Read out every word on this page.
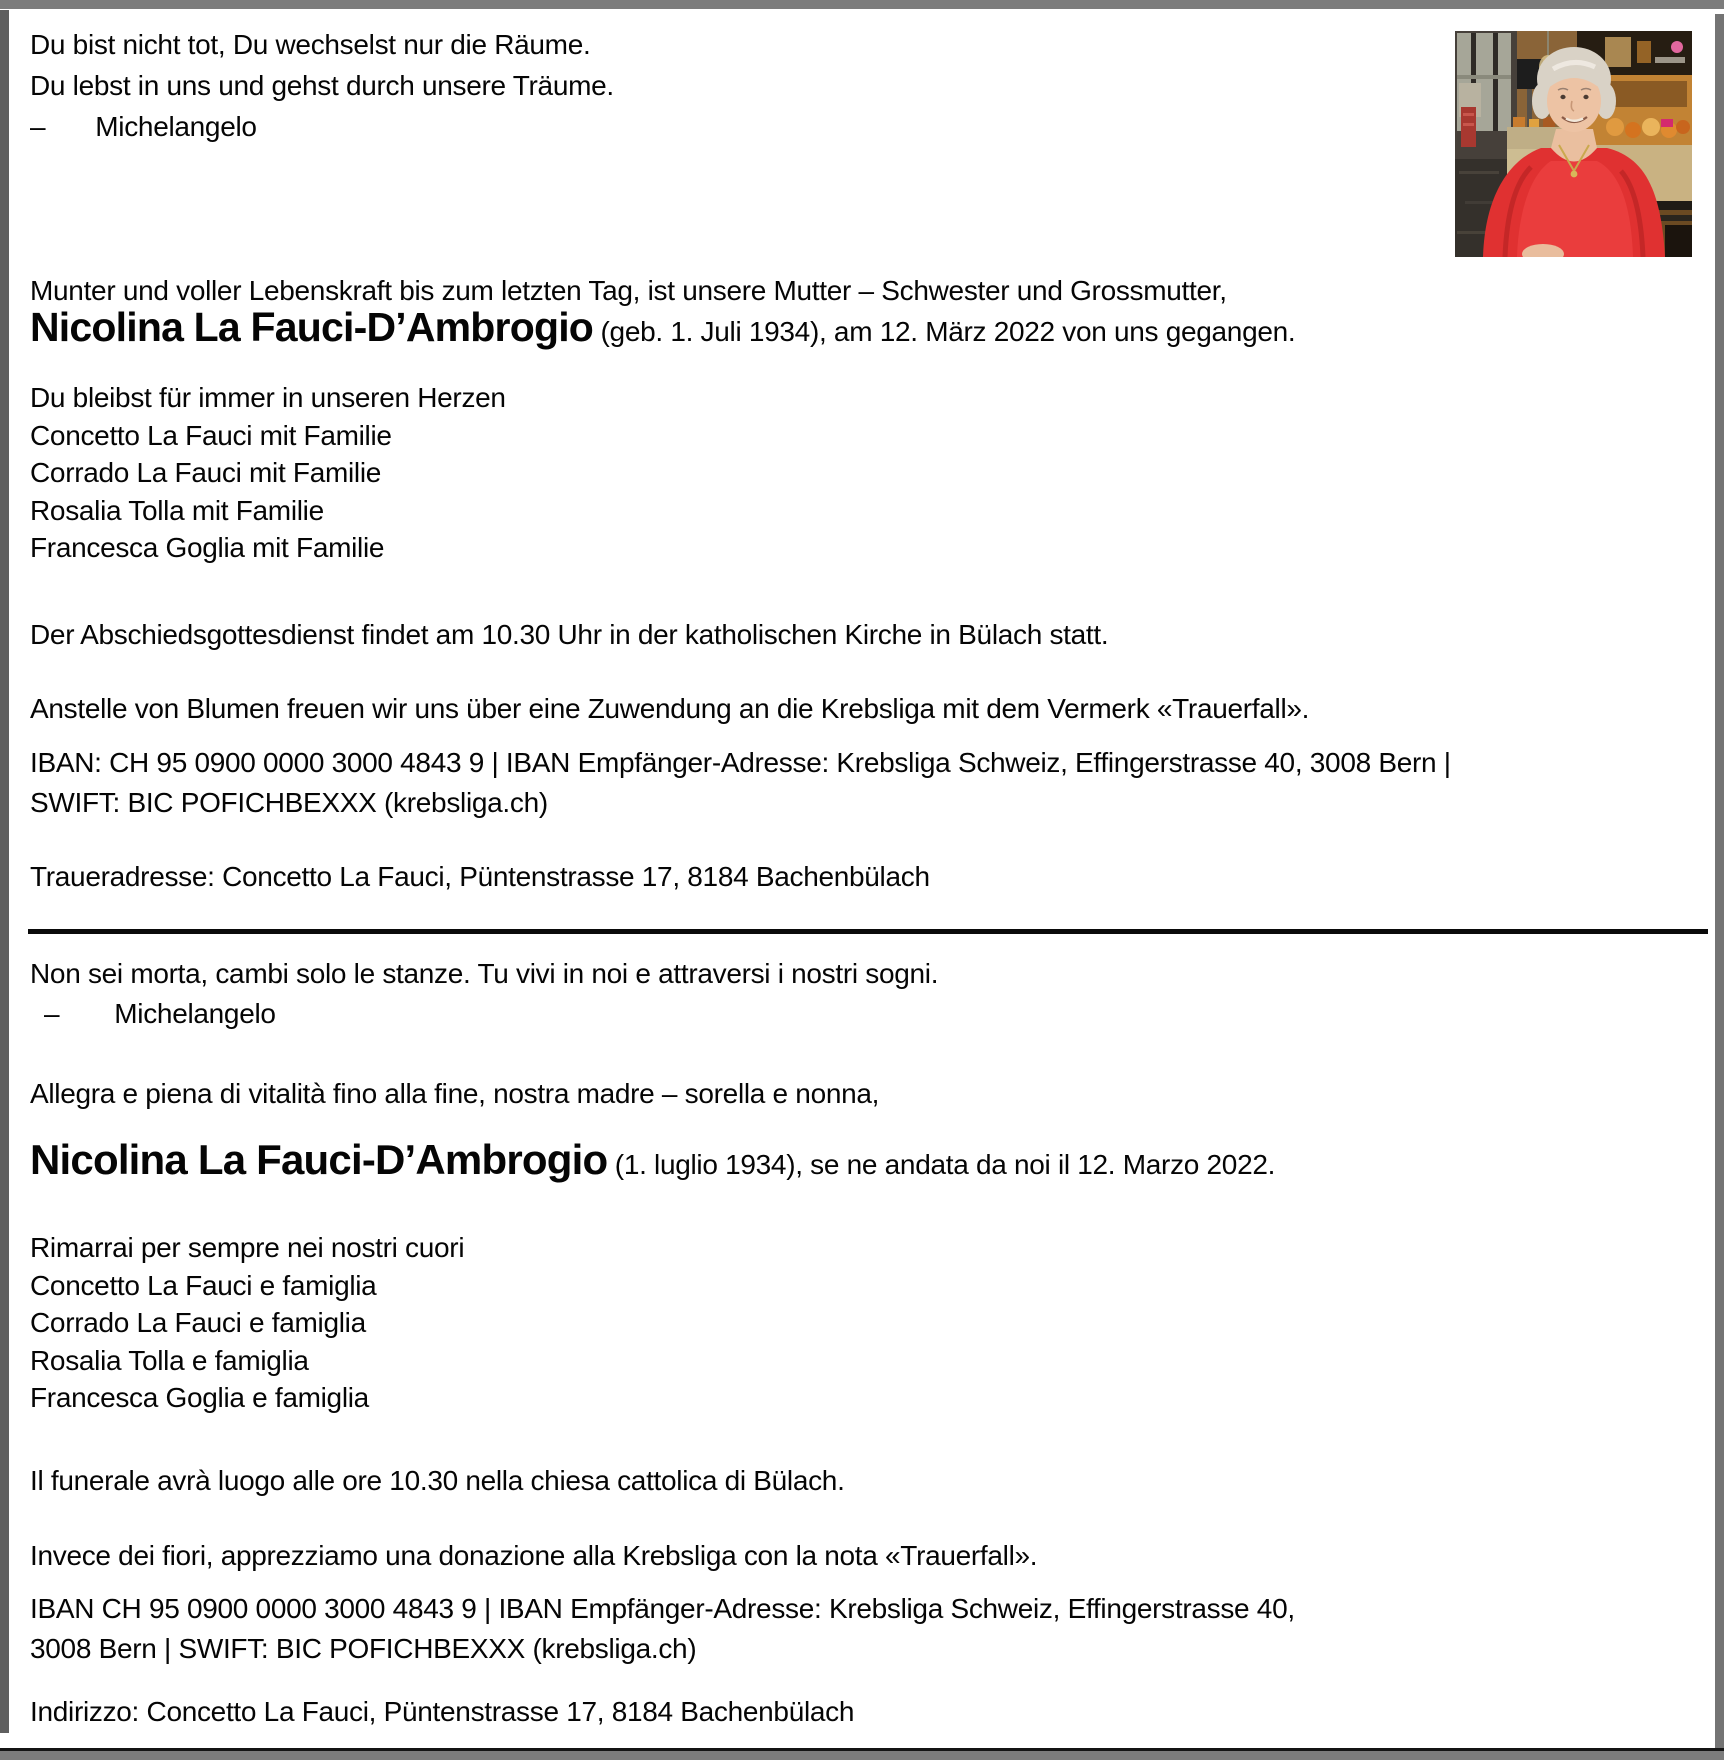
Du bist nicht tot, Du wechselst nur die Räume.
Du lebst in uns und gehst durch unsere Träume.
– Michelangelo
Munter und voller Lebenskraft bis zum letzten Tag, ist unsere Mutter – Schwester und Grossmutter,
Nicolina La Fauci-D’Ambrogio (geb. 1. Juli 1934), am 12. März 2022 von uns gegangen.
Du bleibst für immer in unseren Herzen
Concetto La Fauci mit Familie
Corrado La Fauci mit Familie
Rosalia Tolla mit Familie
Francesca Goglia mit Familie
Der Abschiedsgottesdienst findet am 10.30 Uhr in der katholischen Kirche in Bülach statt.
Anstelle von Blumen freuen wir uns über eine Zuwendung an die Krebsliga mit dem Vermerk «Trauerfall».
IBAN: CH 95 0900 0000 3000 4843 9 | IBAN Empfänger-Adresse: Krebsliga Schweiz, Effingerstrasse 40, 3008 Bern |
SWIFT: BIC POFICHBEXXX (krebsliga.ch)
Traueradresse: Concetto La Fauci, Püntenstrasse 17, 8184 Bachenbülach
Non sei morta, cambi solo le stanze. Tu vivi in noi e attraversi i nostri sogni.
– Michelangelo
Allegra e piena di vitalità fino alla fine, nostra madre – sorella e nonna,
Nicolina La Fauci-D’Ambrogio (1. luglio 1934), se ne andata da noi il 12. Marzo 2022.
Rimarrai per sempre nei nostri cuori
Concetto La Fauci e famiglia
Corrado La Fauci e famiglia
Rosalia Tolla e famiglia
Francesca Goglia e famiglia
Il funerale avrà luogo alle ore 10.30 nella chiesa cattolica di Bülach.
Invece dei fiori, apprezziamo una donazione alla Krebsliga con la nota «Trauerfall».
IBAN CH 95 0900 0000 3000 4843 9 | IBAN Empfänger-Adresse: Krebsliga Schweiz, Effingerstrasse 40,
3008 Bern | SWIFT: BIC POFICHBEXXX (krebsliga.ch)
Indirizzo: Concetto La Fauci, Püntenstrasse 17, 8184 Bachenbülach
